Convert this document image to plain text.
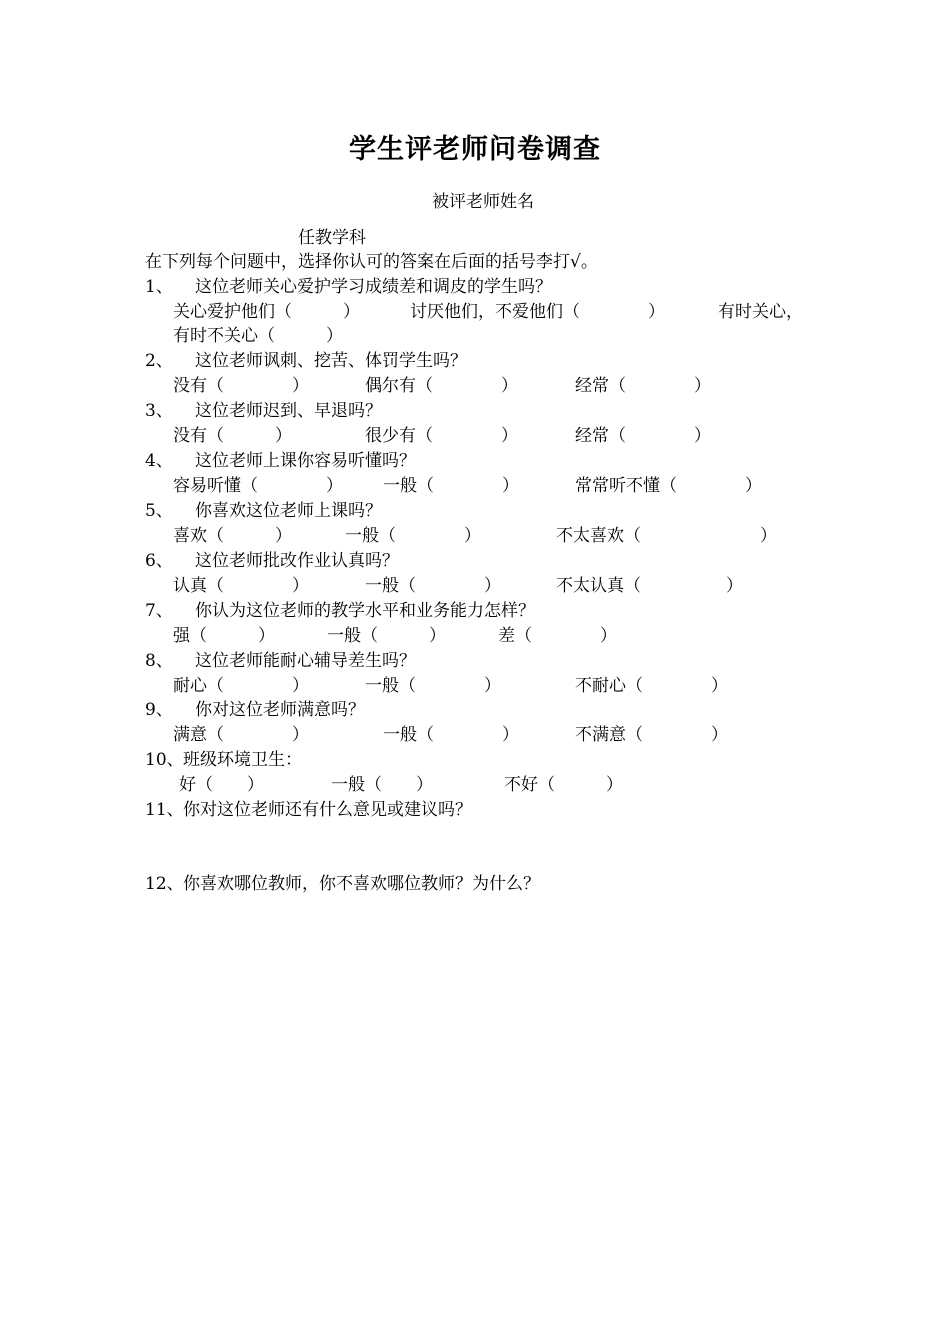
学生评老师问卷调查
被评老师姓名
任教学科
在下列每个问题中，选择你认可的答案在后面的括号李打√。
1、 这位老师关心爱护学习成绩差和调皮的学生吗？
关心爱护他们（　　　）	讨厌他们，不爱他们（　　　　）	有时关心，
有时不关心（　　　）
2、 这位老师讽刺、挖苦、体罚学生吗？
没有（　　　　）	偶尔有（　　　　）	经常（　　　　）
3、 这位老师迟到、早退吗？
没有（　　　）	很少有（　　　　）	经常（　　　　）
4、 这位老师上课你容易听懂吗？
容易听懂（　　　　） 一般（　　　　）	常常听不懂（　　　　）
5、 你喜欢这位老师上课吗？
喜欢（　　　）	一般（　　　　）	不太喜欢（　　　　　　　）
6、 这位老师批改作业认真吗？
认真（　　　　）	一般（　　　　）	不太认真（　　　　　）
7、 你认为这位老师的教学水平和业务能力怎样？
强（　　　）	一般（　　　）	差（　　　　）
8、 这位老师能耐心辅导差生吗？
耐心（　　　　）	一般（　　　　）	不耐心（　　　　）
9、 你对这位老师满意吗？
满意（　　　　）	一般（　　　　）	不满意（　　　　）
10、 班级环境卫生：
好（　　）	一般（　　）	不好（　　　）
11、 你对这位老师还有什么意见或建议吗？
12、 你喜欢哪位教师，你不喜欢哪位教师？为什么？
